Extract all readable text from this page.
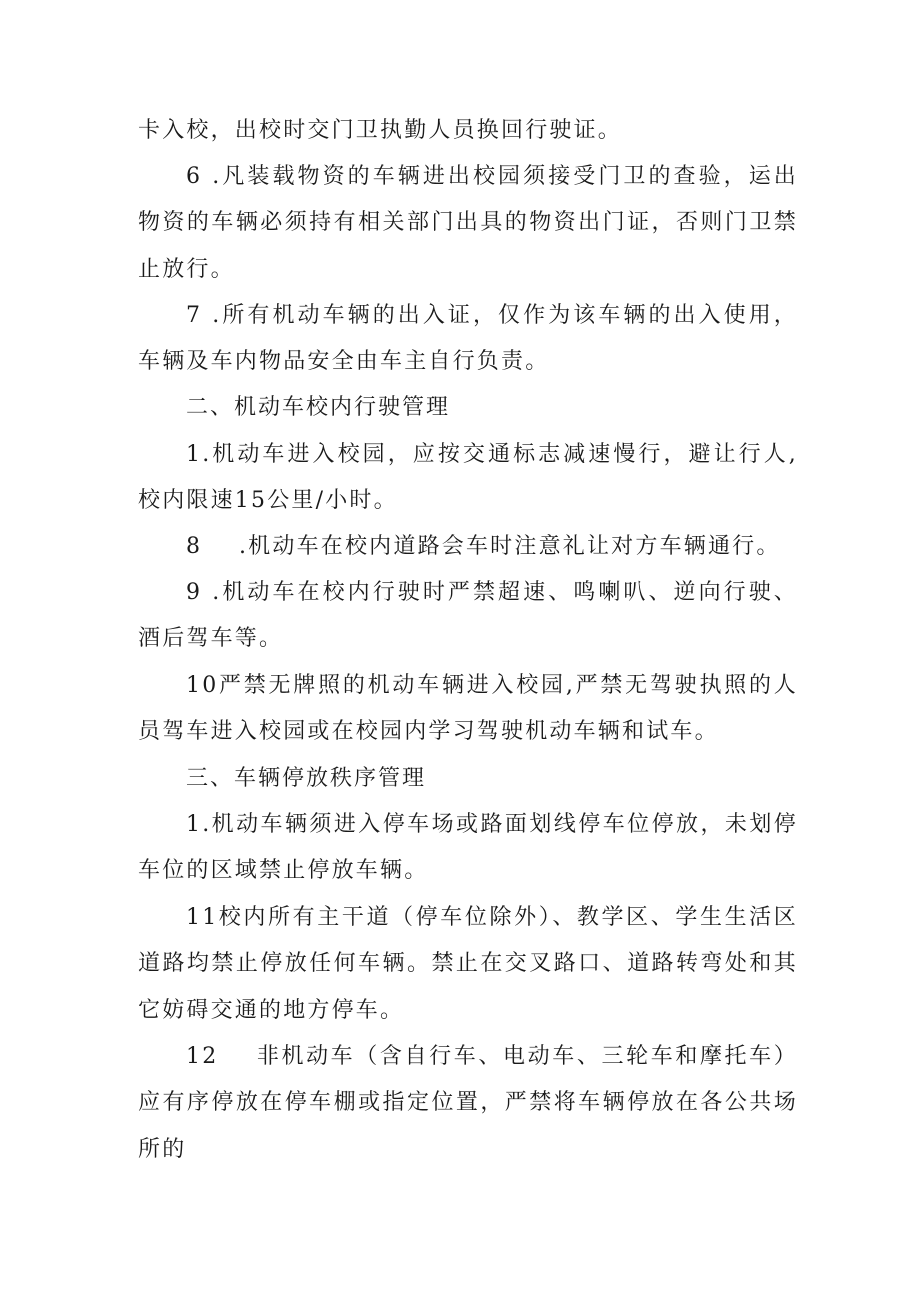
卡入校，出校时交门卫执勤人员换回行驶证。
6 .凡装载物资的车辆进出校园须接受门卫的查验，运出物资的车辆必须持有相关部门出具的物资出门证，否则门卫禁止放行。
7 .所有机动车辆的出入证，仅作为该车辆的出入使用，车辆及车内物品安全由车主自行负责。
二、机动车校内行驶管理
1.机动车进入校园，应按交通标志减速慢行，避让行人,校内限速15公里/小时。
8    .机动车在校内道路会车时注意礼让对方车辆通行。
9 .机动车在校内行驶时严禁超速、鸣喇叭、逆向行驶、酒后驾车等。
10严禁无牌照的机动车辆进入校园,严禁无驾驶执照的人员驾车进入校园或在校园内学习驾驶机动车辆和试车。
三、车辆停放秩序管理
1.机动车辆须进入停车场或路面划线停车位停放，未划停车位的区域禁止停放车辆。
11校内所有主干道（停车位除外）、教学区、学生生活区道路均禁止停放任何车辆。禁止在交叉路口、道路转弯处和其它妨碍交通的地方停车。
12    非机动车（含自行车、电动车、三轮车和摩托车）应有序停放在停车棚或指定位置，严禁将车辆停放在各公共场所的
